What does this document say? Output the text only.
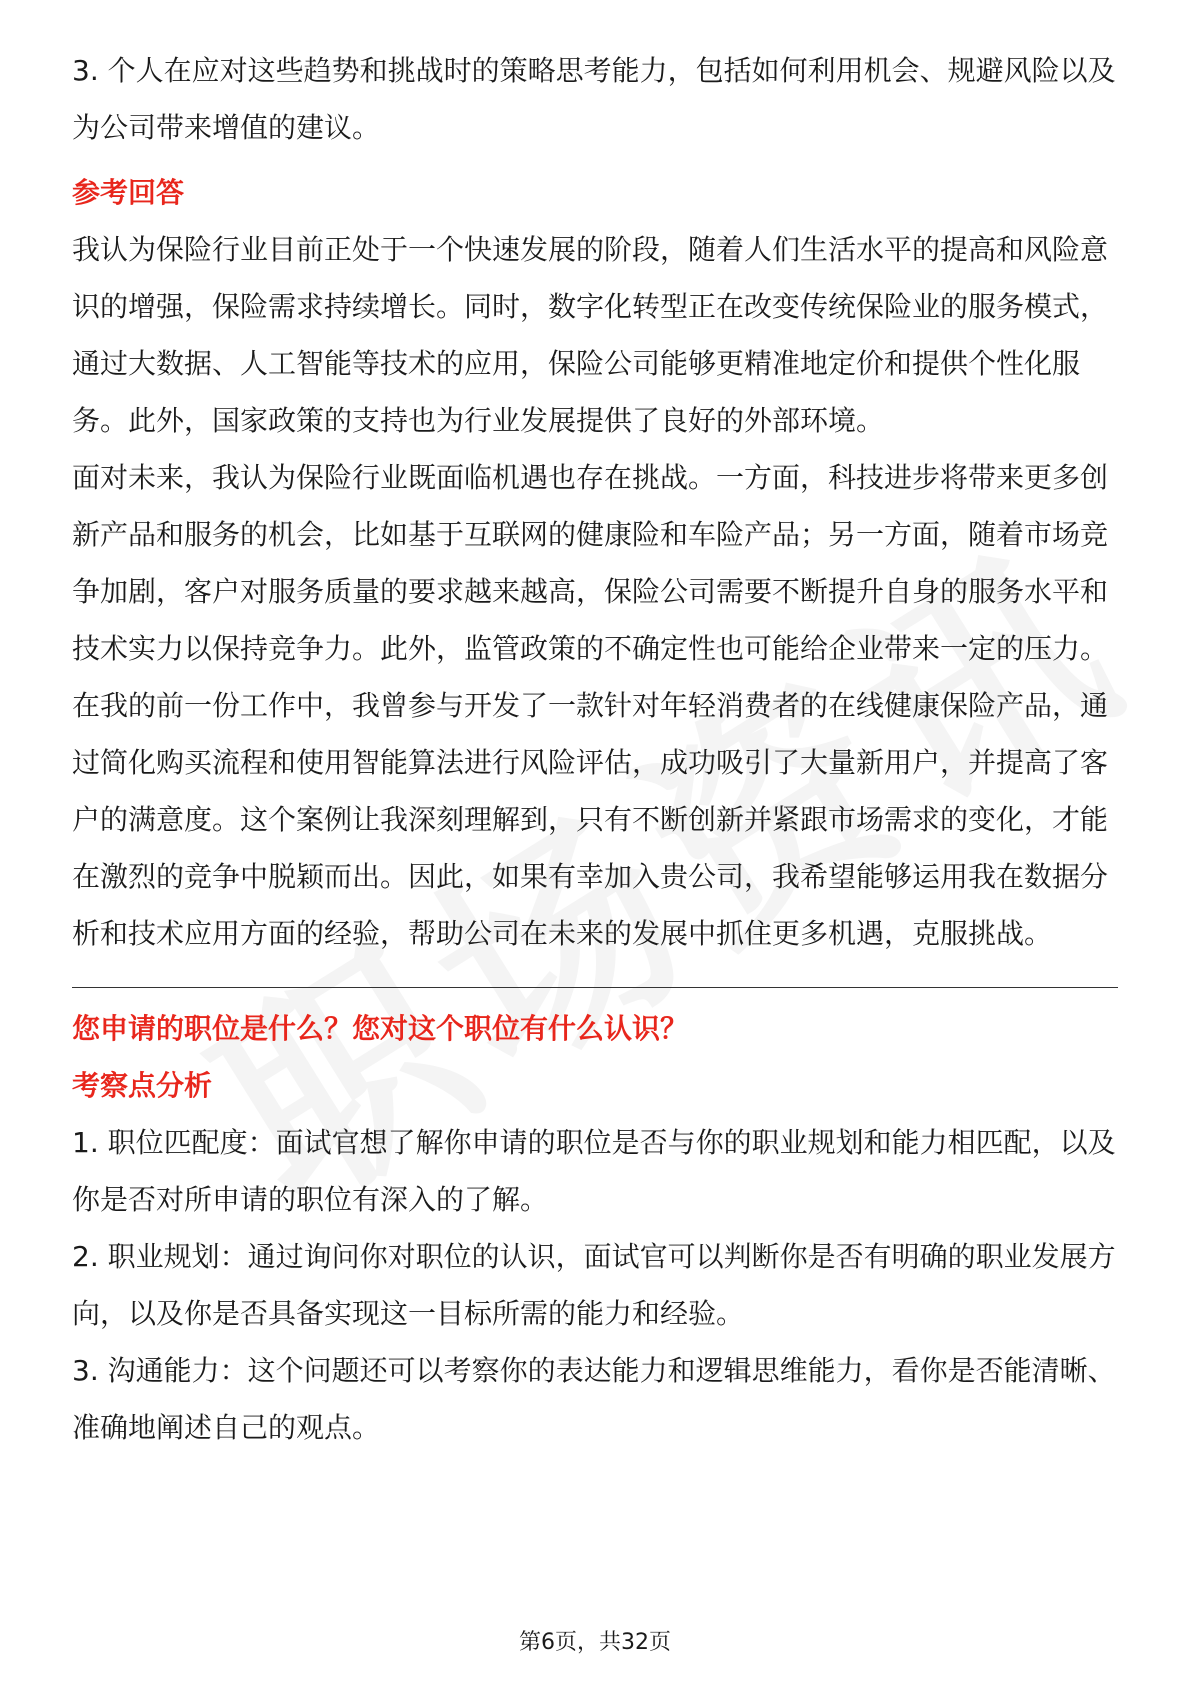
3. 个人在应对这些趋势和挑战时的策略思考能力，包括如何利用机会、规避风险以及为公司带来增值的建议。

参考回答

我认为保险行业目前正处于一个快速发展的阶段，随着人们生活水平的提高和风险意识的增强，保险需求持续增长。同时，数字化转型正在改变传统保险业的服务模式，通过大数据、人工智能等技术的应用，保险公司能够更精准地定价和提供个性化服务。此外，国家政策的支持也为行业发展提供了良好的外部环境。

面对未来，我认为保险行业既面临机遇也存在挑战。一方面，科技进步将带来更多创新产品和服务的机会，比如基于互联网的健康险和车险产品；另一方面，随着市场竞争加剧，客户对服务质量的要求越来越高，保险公司需要不断提升自身的服务水平和技术实力以保持竞争力。此外，监管政策的不确定性也可能给企业带来一定的压力。

在我的前一份工作中，我曾参与开发了一款针对年轻消费者的在线健康保险产品，通过简化购买流程和使用智能算法进行风险评估，成功吸引了大量新用户，并提高了客户的满意度。这个案例让我深刻理解到，只有不断创新并紧跟市场需求的变化，才能在激烈的竞争中脱颖而出。因此，如果有幸加入贵公司，我希望能够运用我在数据分析和技术应用方面的经验，帮助公司在未来的发展中抓住更多机遇，克服挑战。

您申请的职位是什么？您对这个职位有什么认识？

考察点分析

1. 职位匹配度：面试官想了解你申请的职位是否与你的职业规划和能力相匹配，以及你是否对所申请的职位有深入的了解。

2. 职业规划：通过询问你对职位的认识，面试官可以判断你是否有明确的职业发展方向，以及你是否具备实现这一目标所需的能力和经验。

3. 沟通能力：这个问题还可以考察你的表达能力和逻辑思维能力，看你是否能清晰、准确地阐述自己的观点。

第6页，共32页
